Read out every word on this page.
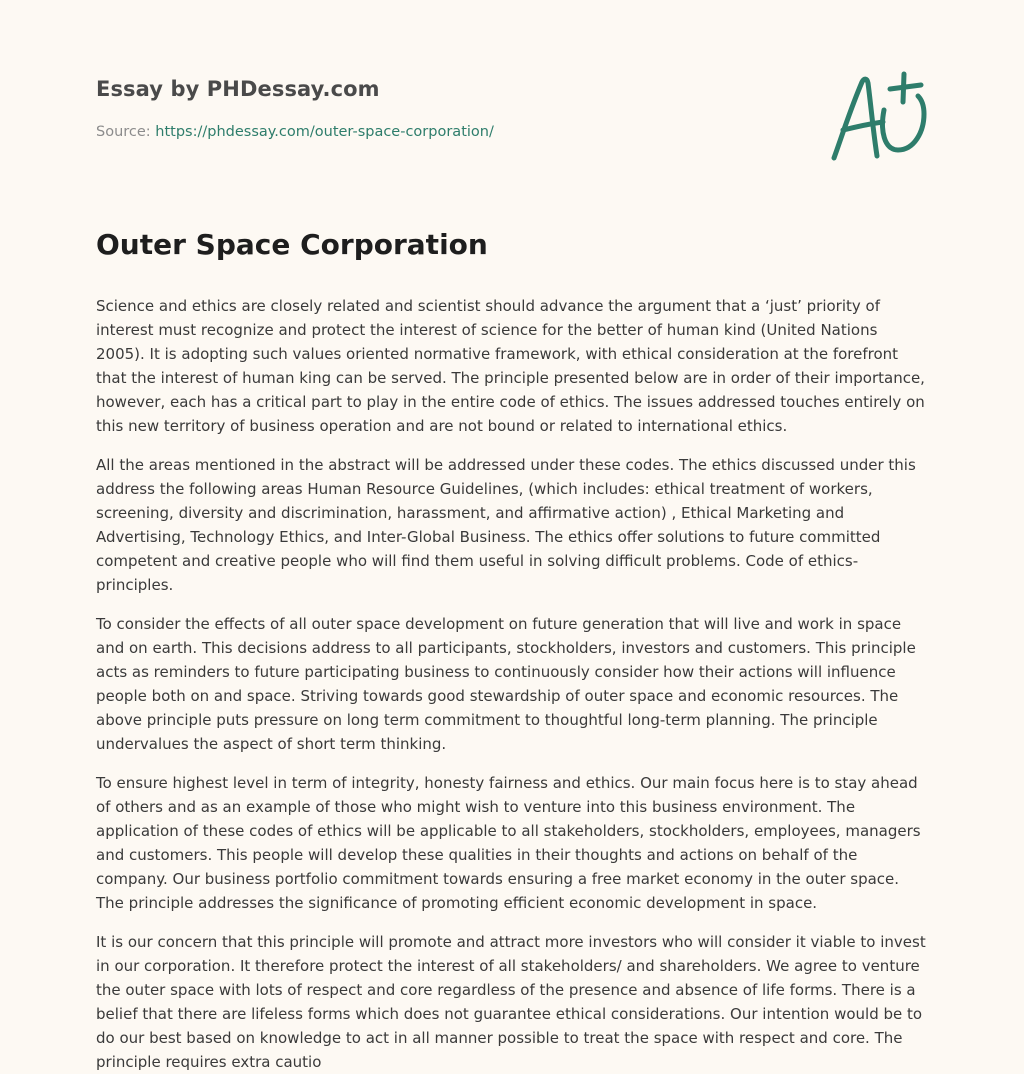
Essay by PHDessay.com
Source: https://phdessay.com/outer-space-corporation/
Outer Space Corporation

Science and ethics are closely related and scientist should advance the argument that a ‘just’ priority of interest must recognize and protect the interest of science for the better of human kind (United Nations 2005). It is adopting such values oriented normative framework, with ethical consideration at the forefront that the interest of human king can be served. The principle presented below are in order of their importance, however, each has a critical part to play in the entire code of ethics. The issues addressed touches entirely on this new territory of business operation and are not bound or related to international ethics.

All the areas mentioned in the abstract will be addressed under these codes. The ethics discussed under this address the following areas Human Resource Guidelines, (which includes: ethical treatment of workers, screening, diversity and discrimination, harassment, and affirmative action) , Ethical Marketing and Advertising, Technology Ethics, and Inter-Global Business. The ethics offer solutions to future committed competent and creative people who will find them useful in solving difficult problems. Code of ethics-principles.

To consider the effects of all outer space development on future generation that will live and work in space and on earth. This decisions address to all participants, stockholders, investors and customers. This principle acts as reminders to future participating business to continuously consider how their actions will influence people both on and space. Striving towards good stewardship of outer space and economic resources. The above principle puts pressure on long term commitment to thoughtful long-term planning. The principle undervalues the aspect of short term thinking.

To ensure highest level in term of integrity, honesty fairness and ethics. Our main focus here is to stay ahead of others and as an example of those who might wish to venture into this business environment. The application of these codes of ethics will be applicable to all stakeholders, stockholders, employees, managers and customers. This people will develop these qualities in their thoughts and actions on behalf of the company. Our business portfolio commitment towards ensuring a free market economy in the outer space. The principle addresses the significance of promoting efficient economic development in space.

It is our concern that this principle will promote and attract more investors who will consider it viable to invest in our corporation. It therefore protect the interest of all stakeholders/ and shareholders. We agree to venture the outer space with lots of respect and core regardless of the presence and absence of life forms. There is a belief that there are lifeless forms which does not guarantee ethical considerations. Our intention would be to do our best based on knowledge to act in all manner possible to treat the space with respect and core. The principle requires extra cautio
